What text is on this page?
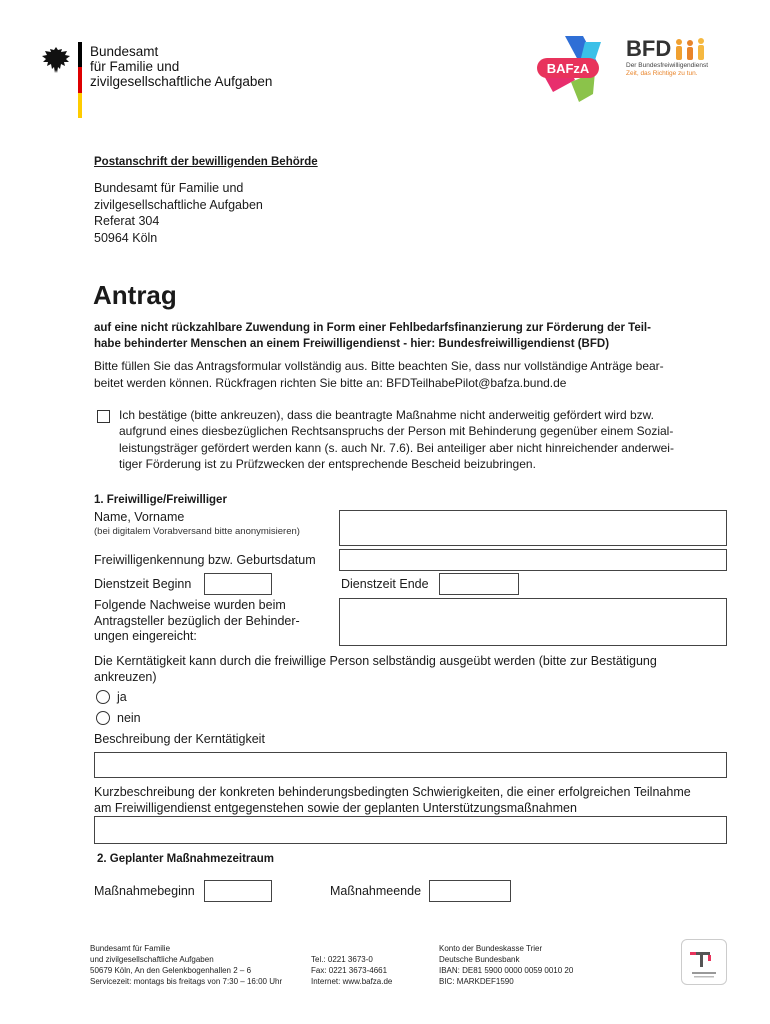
Bundesamt
für Familie und
zivilgesellschaftliche Aufgaben
BAFzA
BFD
Der Bundesfreiwilligendienst
Zeit, das Richtige zu tun.
Postanschrift der bewilligenden Behörde
Bundesamt für Familie und
zivilgesellschaftliche Aufgaben
Referat 304
50964 Köln
Antrag
auf eine nicht rückzahlbare Zuwendung in Form einer Fehlbedarfsfinanzierung zur Förderung der Teil-
habe behinderter Menschen an einem Freiwilligendienst - hier: Bundesfreiwilligendienst (BFD)
Bitte füllen Sie das Antragsformular vollständig aus. Bitte beachten Sie, dass nur vollständige Anträge bear-
beitet werden können. Rückfragen richten Sie bitte an: BFDTeilhabePilot@bafza.bund.de
Ich bestätige (bitte ankreuzen), dass die beantragte Maßnahme nicht anderweitig gefördert wird bzw.
aufgrund eines diesbezüglichen Rechtsanspruchs der Person mit Behinderung gegenüber einem Sozial-
leistungsträger gefördert werden kann (s. auch Nr. 7.6). Bei anteiliger aber nicht hinreichender anderwei-
tiger Förderung ist zu Prüfzwecken der entsprechende Bescheid beizubringen.
1. Freiwillige/Freiwilliger
Name, Vorname
(bei digitalem Vorabversand bitte anonymisieren)
Freiwilligenkennung bzw. Geburtsdatum
Dienstzeit Beginn	Dienstzeit Ende
Folgende Nachweise wurden beim
Antragsteller bezüglich der Behinder-
ungen eingereicht:
Die Kerntätigkeit kann durch die freiwillige Person selbständig ausgeübt werden (bitte zur Bestätigung
ankreuzen)
ja
nein
Beschreibung der Kerntätigkeit
Kurzbeschreibung der konkreten behinderungsbedingten Schwierigkeiten, die einer erfolgreichen Teilnahme
am Freiwilligendienst entgegenstehen sowie der geplanten Unterstützungsmaßnahmen
2. Geplanter Maßnahmezeitraum
Maßnahmebeginn	Maßnahmeende
Bundesamt für Familie
und zivilgesellschaftliche Aufgaben
50679 Köln, An den Gelenkbogenhallen 2 – 6
Servicezeit: montags bis freitags von 7:30 – 16:00 Uhr
Tel.: 0221 3673-0
Fax: 0221 3673-4661
Internet: www.bafza.de
Konto der Bundeskasse Trier
Deutsche Bundesbank
IBAN: DE81 5900 0000 0059 0010 20
BIC: MARKDEF1590
